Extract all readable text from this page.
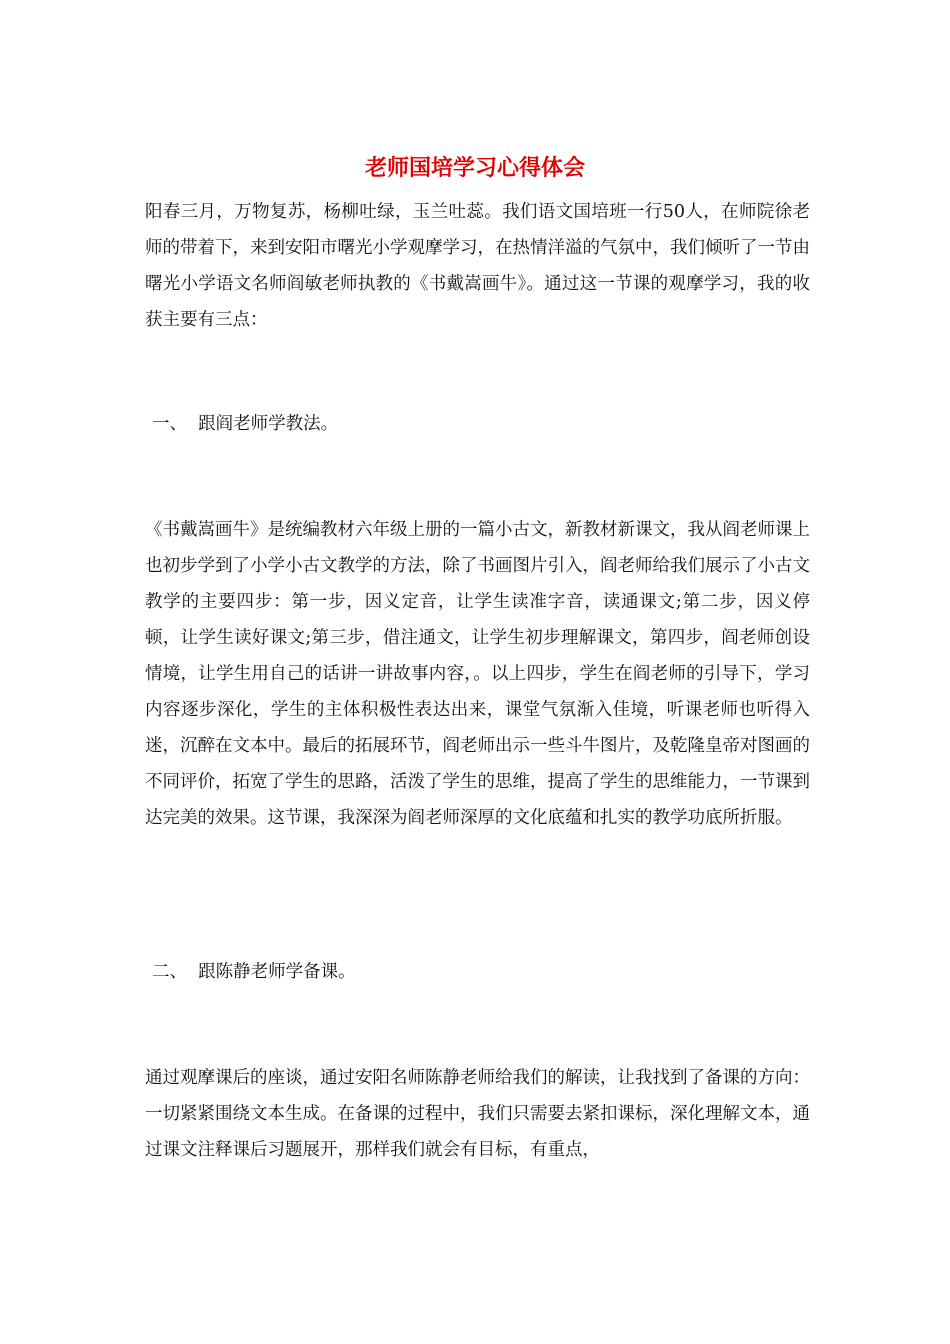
老师国培学习心得体会

阳春三月，万物复苏，杨柳吐绿，玉兰吐蕊。我们语文国培班一行50人，在师院徐老师的带着下，来到安阳市曙光小学观摩学习，在热情洋溢的气氛中，我们倾听了一节由曙光小学语文名师阎敏老师执教的《书戴嵩画牛》。通过这一节课的观摩学习，我的收获主要有三点：

一、  跟阎老师学教法。

《书戴嵩画牛》是统编教材六年级上册的一篇小古文，新教材新课文，我从阎老师课上也初步学到了小学小古文教学的方法，除了书画图片引入，阎老师给我们展示了小古文教学的主要四步：第一步，因义定音，让学生读准字音，读通课文;第二步，因义停顿，让学生读好课文;第三步，借注通文，让学生初步理解课文，第四步，阎老师创设情境，让学生用自己的话讲一讲故事内容，。以上四步，学生在阎老师的引导下，学习内容逐步深化，学生的主体积极性表达出来，课堂气氛渐入佳境，听课老师也听得入迷，沉醉在文本中。最后的拓展环节，阎老师出示一些斗牛图片，及乾隆皇帝对图画的不同评价，拓宽了学生的思路，活泼了学生的思维，提高了学生的思维能力，一节课到达完美的效果。这节课，我深深为阎老师深厚的文化底蕴和扎实的教学功底所折服。

二、  跟陈静老师学备课。

通过观摩课后的座谈，通过安阳名师陈静老师给我们的解读，让我找到了备课的方向：一切紧紧围绕文本生成。在备课的过程中，我们只需要去紧扣课标，深化理解文本，通过课文注释课后习题展开，那样我们就会有目标，有重点，
